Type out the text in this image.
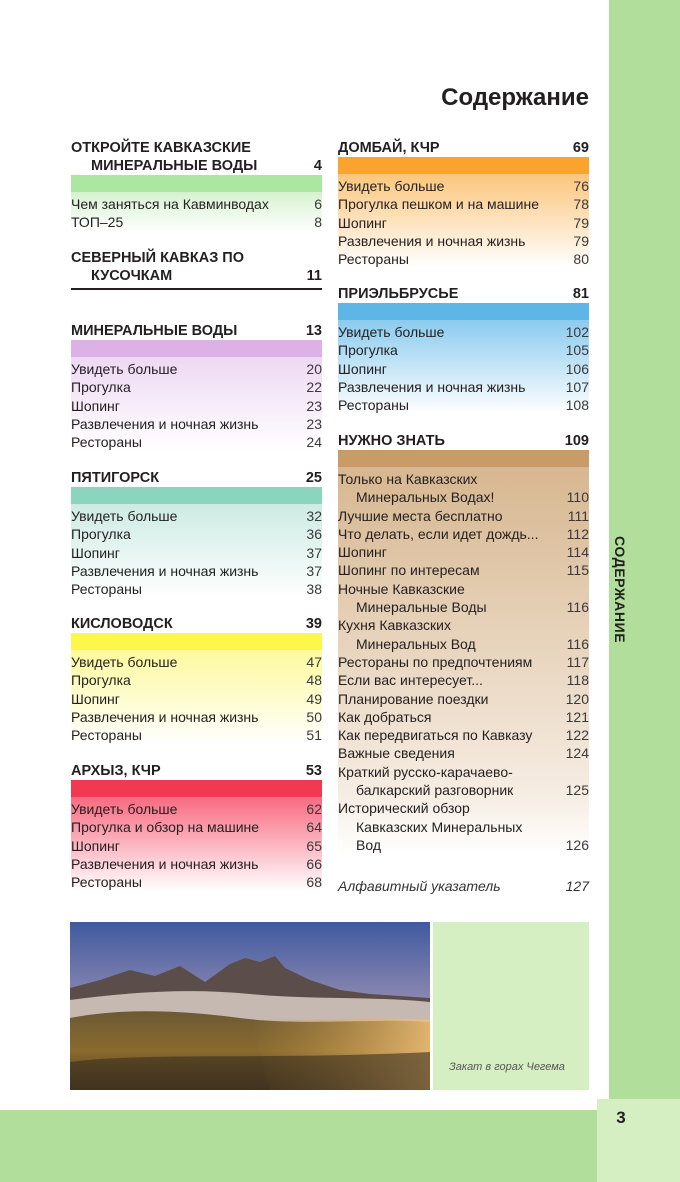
3
СОДЕРЖАНИЕ
Содержание
ОТКРОЙТЕ КАВКАЗСКИЕ
МИНЕРАЛЬНЫЕ ВОДЫ	4
Чем заняться на Кавминводах	6
ТОП–25	8
СЕВЕРНЫЙ КАВКАЗ ПО
КУСОЧКАМ	11
МИНЕРАЛЬНЫЕ ВОДЫ	13
Увидеть больше	20
Прогулка	22
Шопинг	23
Развлечения и ночная жизнь	23
Рестораны	24
ПЯТИГОРСК	25
Увидеть больше	32
Прогулка	36
Шопинг	37
Развлечения и ночная жизнь	37
Рестораны	38
КИСЛОВОДСК	39
Увидеть больше	47
Прогулка	48
Шопинг	49
Развлечения и ночная жизнь	50
Рестораны	51
АРХЫЗ, КЧР	53
Увидеть больше	62
Прогулка и обзор на машине	64
Шопинг	65
Развлечения и ночная жизнь	66
Рестораны	68
ДОМБАЙ, КЧР	69
Увидеть больше	76
Прогулка пешком и на машине 78
Шопинг	79
Развлечения и ночная жизнь	79
Рестораны	80
ПРИЭЛЬБРУСЬЕ	81
Увидеть больше	102
Прогулка	105
Шопинг	106
Развлечения и ночная жизнь	107
Рестораны	108
НУЖНО ЗНАТЬ	109
Только на Кавказских
Минеральных Водах!	110
Лучшие места бесплатно	111
Что делать, если идет дождь... 112
Шопинг	114
Шопинг по интересам	115
Ночные Кавказские
Минеральные Воды	116
Кухня Кавказских
Минеральных Вод	116
Рестораны по предпочтениям 117
Если вас интересует...	118
Планирование поездки	120
Как добраться	121
Как передвигаться по Кавказу 122
Важные сведения	124
Краткий русско-карачаево-
балкарский разговорник	125
Исторический обзор
Кавказских Минеральных
Вод	126
Алфавитный указатель	127
Закат в горах Чегема
